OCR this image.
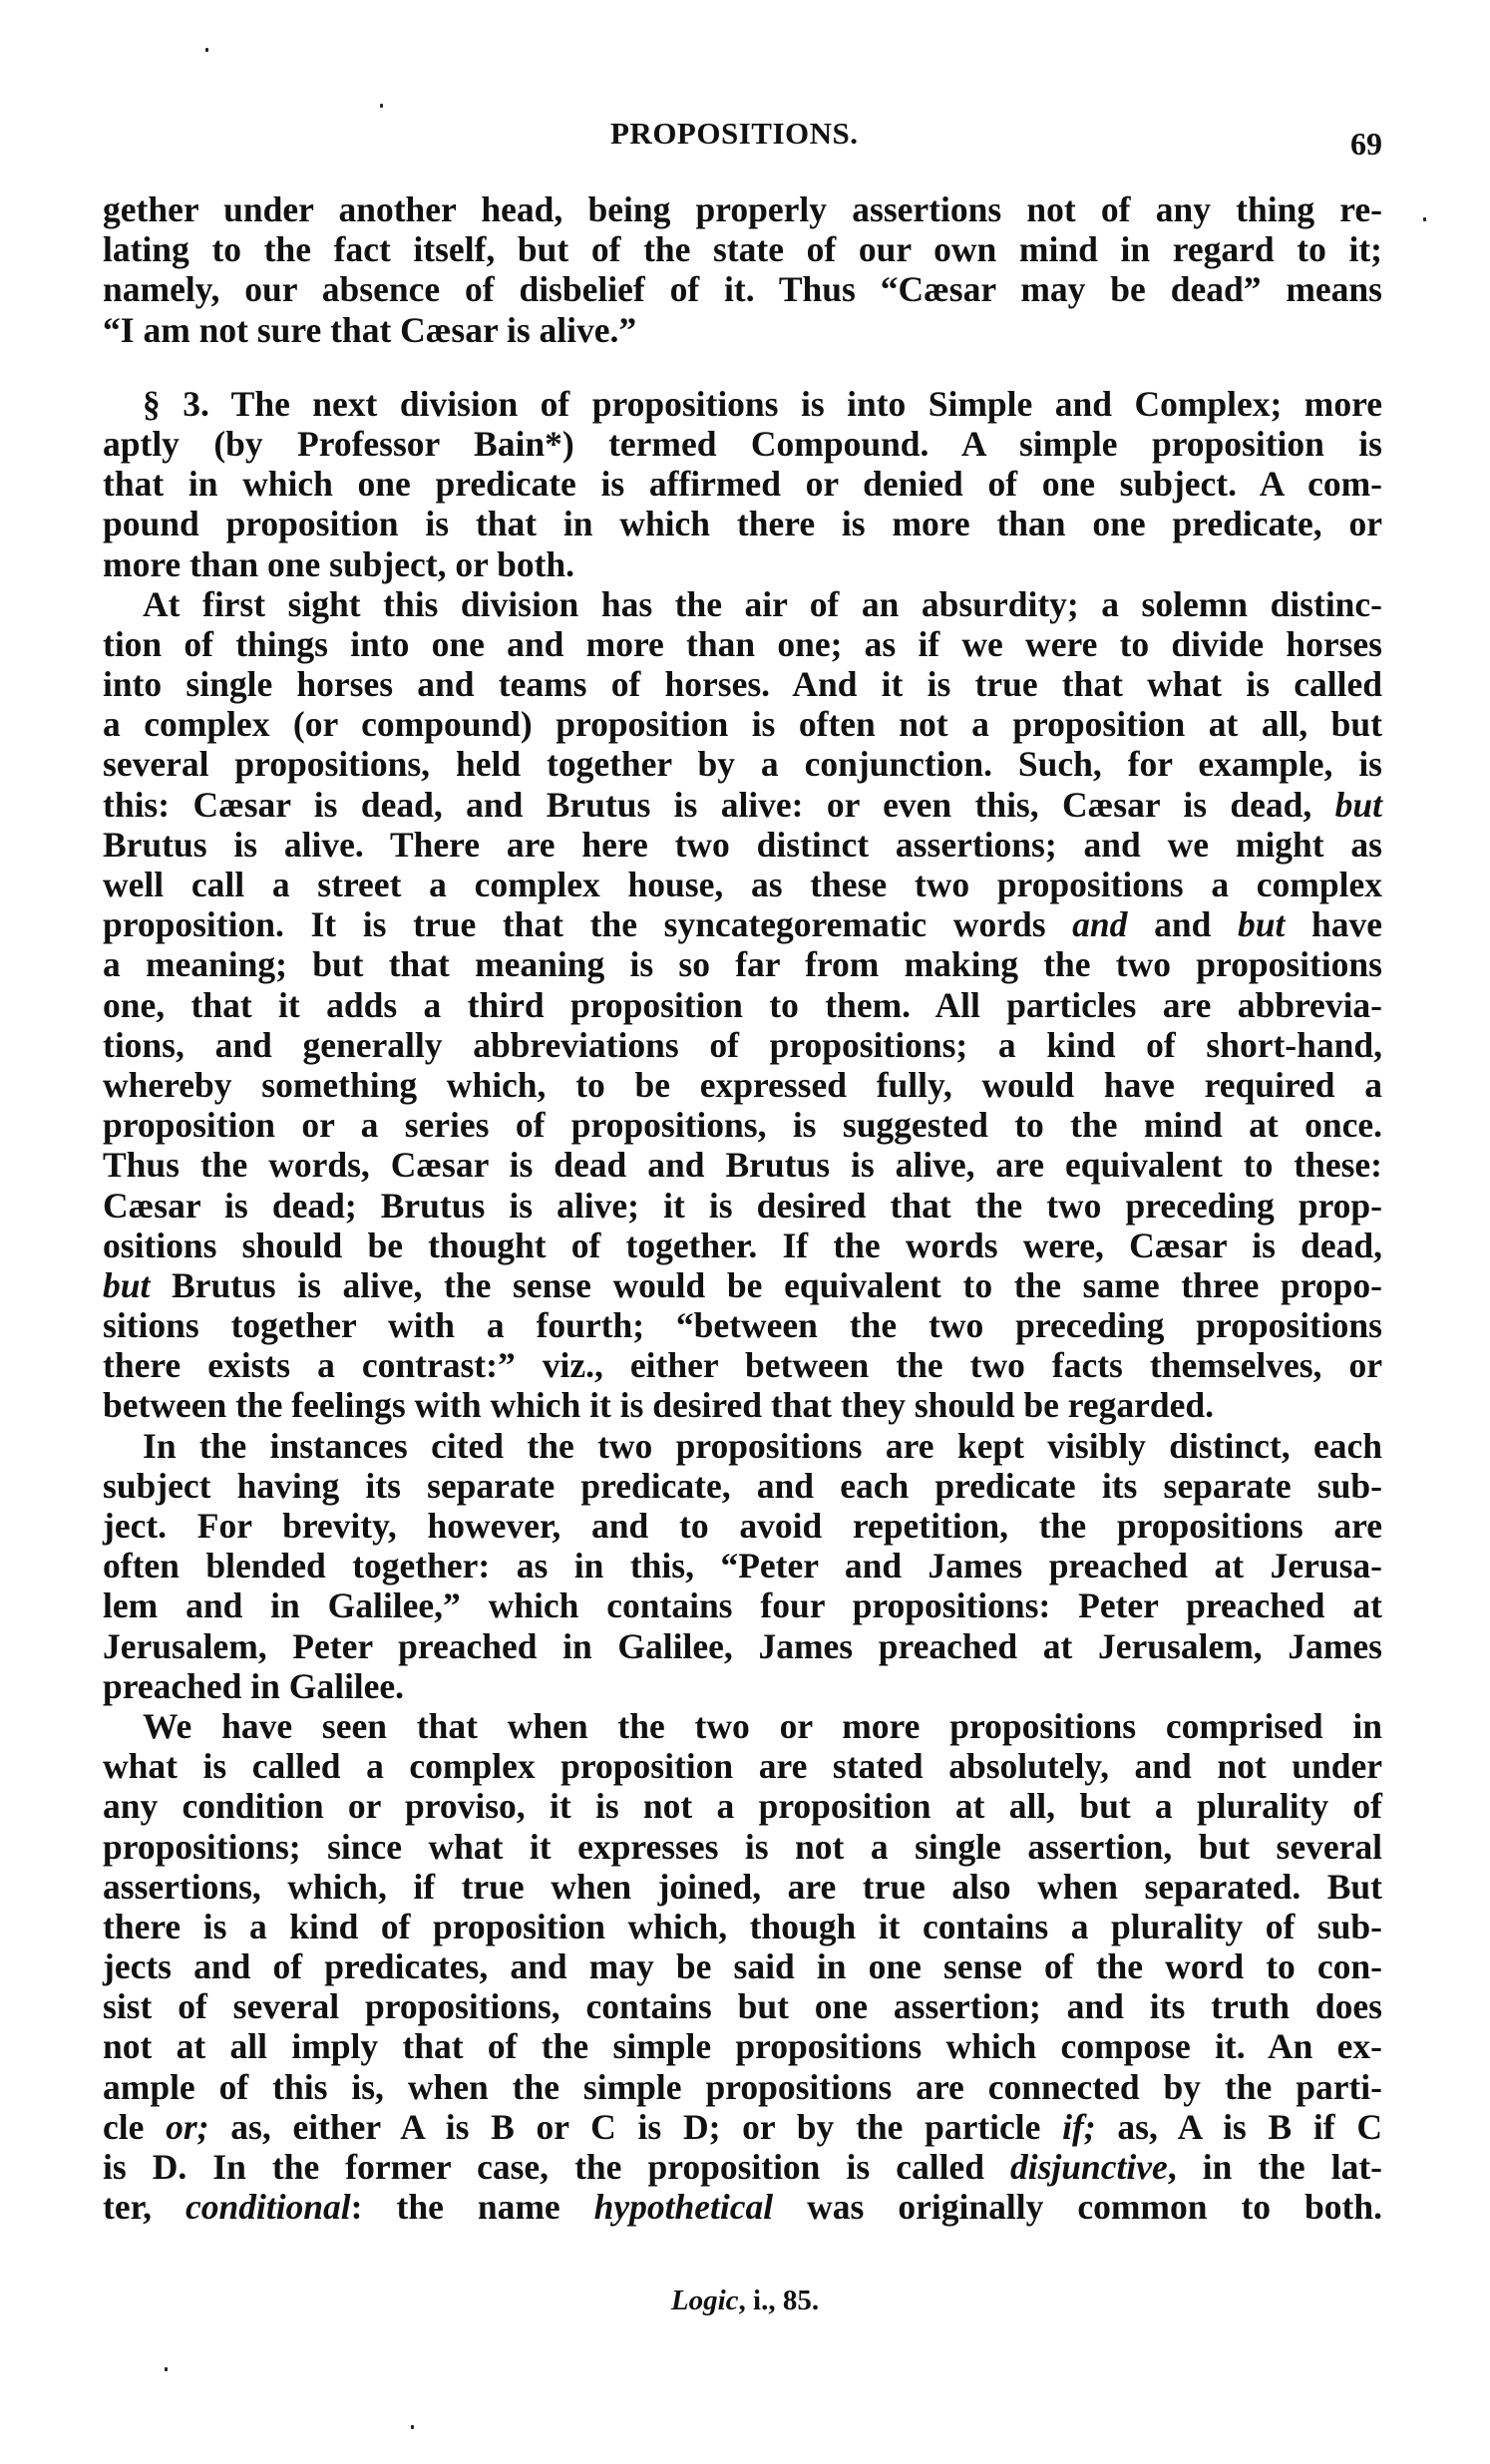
PROPOSITIONS.	69
gether under another head, being properly assertions not of any thing re-
lating to the fact itself, but of the state of our own mind in regard to it;
namely, our absence of disbelief of it. Thus “Cæsar may be dead” means
“I am not sure that Cæsar is alive.”
§ 3. The next division of propositions is into Simple and Complex; more
aptly (by Professor Bain*) termed Compound. A simple proposition is
that in which one predicate is affirmed or denied of one subject. A com-
pound proposition is that in which there is more than one predicate, or
more than one subject, or both.
At first sight this division has the air of an absurdity; a solemn distinc-
tion of things into one and more than one; as if we were to divide horses
into single horses and teams of horses. And it is true that what is called
a complex (or compound) proposition is often not a proposition at all, but
several propositions, held together by a conjunction. Such, for example, is
this: Cæsar is dead, and Brutus is alive: or even this, Cæsar is dead, but
Brutus is alive. There are here two distinct assertions; and we might as
well call a street a complex house, as these two propositions a complex
proposition. It is true that the syncategorematic words and and but have
a meaning; but that meaning is so far from making the two propositions
one, that it adds a third proposition to them. All particles are abbrevia-
tions, and generally abbreviations of propositions; a kind of short-hand,
whereby something which, to be expressed fully, would have required a
proposition or a series of propositions, is suggested to the mind at once.
Thus the words, Cæsar is dead and Brutus is alive, are equivalent to these:
Cæsar is dead; Brutus is alive; it is desired that the two preceding prop-
ositions should be thought of together. If the words were, Cæsar is dead,
but Brutus is alive, the sense would be equivalent to the same three propo-
sitions together with a fourth; “between the two preceding propositions
there exists a contrast:” viz., either between the two facts themselves, or
between the feelings with which it is desired that they should be regarded.
In the instances cited the two propositions are kept visibly distinct, each
subject having its separate predicate, and each predicate its separate sub-
ject. For brevity, however, and to avoid repetition, the propositions are
often blended together: as in this, “Peter and James preached at Jerusa-
lem and in Galilee,” which contains four propositions: Peter preached at
Jerusalem, Peter preached in Galilee, James preached at Jerusalem, James
preached in Galilee.
We have seen that when the two or more propositions comprised in
what is called a complex proposition are stated absolutely, and not under
any condition or proviso, it is not a proposition at all, but a plurality of
propositions; since what it expresses is not a single assertion, but several
assertions, which, if true when joined, are true also when separated. But
there is a kind of proposition which, though it contains a plurality of sub-
jects and of predicates, and may be said in one sense of the word to con-
sist of several propositions, contains but one assertion; and its truth does
not at all imply that of the simple propositions which compose it. An ex-
ample of this is, when the simple propositions are connected by the parti-
cle or; as, either A is B or C is D; or by the particle if; as, A is B if C
is D. In the former case, the proposition is called disjunctive, in the lat-
ter, conditional: the name hypothetical was originally common to both.
Logic, i., 85.
